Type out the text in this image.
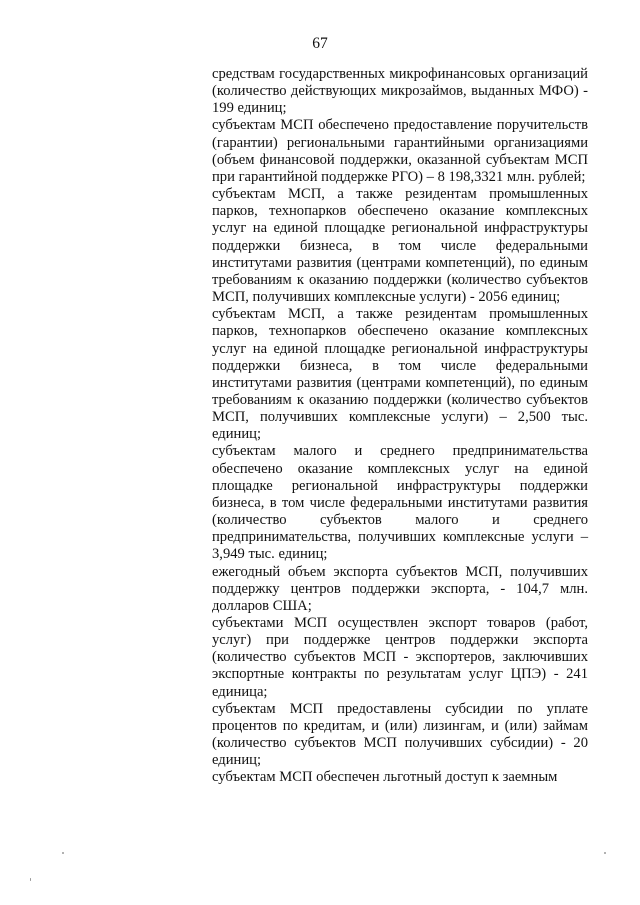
67

средствам государственных микрофинансовых организаций (количество действующих микрозаймов, выданных МФО) - 199 единиц;

субъектам МСП обеспечено предоставление поручительств (гарантии) региональными гарантийными организациями (объем финансовой поддержки, оказанной субъектам МСП при гарантийной поддержке РГО) – 8 198,3321 млн. рублей;

субъектам МСП, а также резидентам промышленных парков, технопарков обеспечено оказание комплексных услуг на единой площадке региональной инфраструктуры поддержки бизнеса, в том числе федеральными институтами развития (центрами компетенций), по единым требованиям к оказанию поддержки (количество субъектов МСП, получивших комплексные услуги) - 2056 единиц;

субъектам МСП, а также резидентам промышленных парков, технопарков обеспечено оказание комплексных услуг на единой площадке региональной инфраструктуры поддержки бизнеса, в том числе федеральными институтами развития (центрами компетенций), по единым требованиям к оказанию поддержки (количество субъектов МСП, получивших комплексные услуги) – 2,500 тыс. единиц;

субъектам малого и среднего предпринимательства обеспечено оказание комплексных услуг на единой площадке региональной инфраструктуры поддержки бизнеса, в том числе федеральными институтами развития (количество субъектов малого и среднего предпринимательства, получивших комплексные услуги – 3,949 тыс. единиц;

ежегодный объем экспорта субъектов МСП, получивших поддержку центров поддержки экспорта, - 104,7 млн. долларов США;

субъектами МСП осуществлен экспорт товаров (работ, услуг) при поддержке центров поддержки экспорта (количество субъектов МСП - экспортеров, заключивших экспортные контракты по результатам услуг ЦПЭ) - 241 единица;

субъектам МСП предоставлены субсидии по уплате процентов по кредитам, и (или) лизингам, и (или) займам (количество субъектов МСП получивших субсидии) - 20 единиц;

субъектам МСП обеспечен льготный доступ к заемным
